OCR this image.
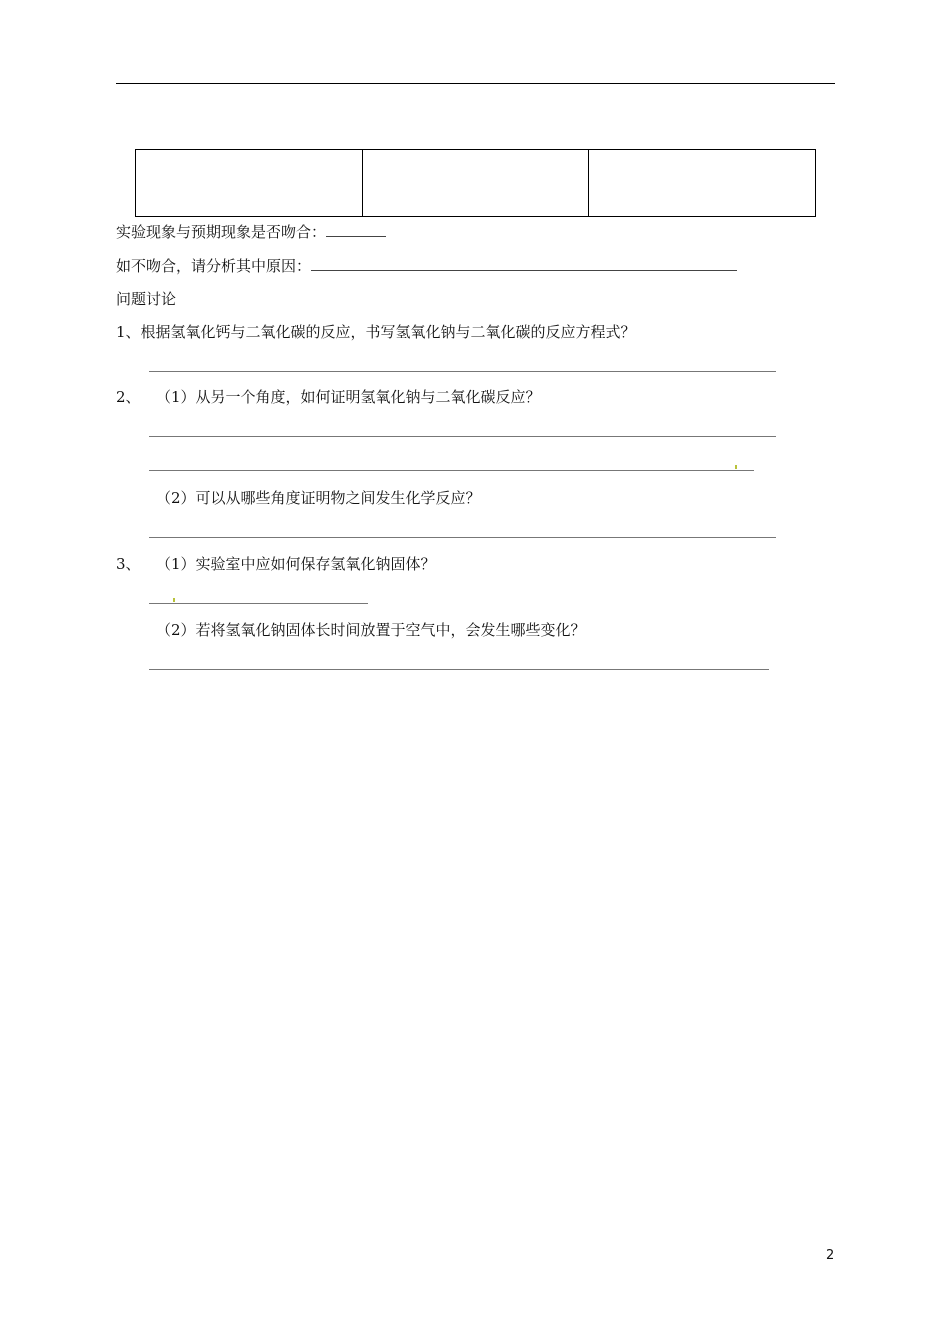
实验现象与预期现象是否吻合：
如不吻合，请分析其中原因：
问题讨论
1、根据氢氧化钙与二氧化碳的反应，书写氢氧化钠与二氧化碳的反应方程式？
2、 （1）从另一个角度，如何证明氢氧化钠与二氧化碳反应？
（2）可以从哪些角度证明物之间发生化学反应？
3、 （1）实验室中应如何保存氢氧化钠固体？
（2）若将氢氧化钠固体长时间放置于空气中，会发生哪些变化？
2
